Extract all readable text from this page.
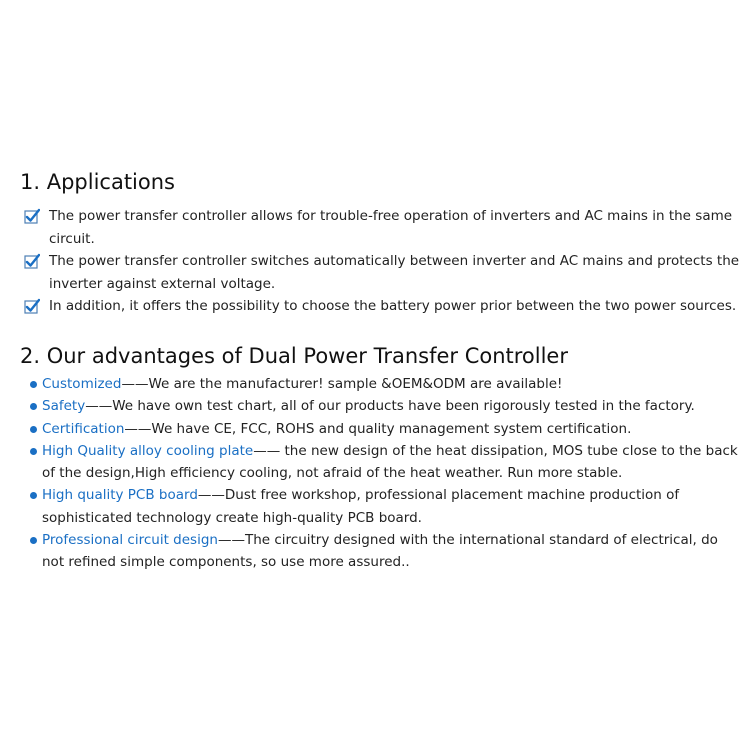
1. Applications
The power transfer controller allows for trouble-free operation of inverters and AC mains in the same circuit.
The power transfer controller switches automatically between inverter and AC mains and protects the inverter against external voltage.
In addition, it offers the possibility to choose the battery power prior between the two power sources.
2. Our advantages of Dual Power Transfer Controller
Customized——We are the manufacturer! sample &OEM&ODM are available!
Safety——We have own test chart, all of our products have been rigorously tested in the factory.
Certification——We have CE, FCC, ROHS and quality management system certification.
High Quality alloy cooling plate—— the new design of the heat dissipation, MOS tube close to the back of the design,High efficiency cooling, not afraid of the heat weather. Run more stable.
High quality PCB board——Dust free workshop, professional placement machine production of sophisticated technology create high-quality PCB board.
Professional circuit design——The circuitry designed with the international standard of electrical, do not refined simple components, so use more assured..
